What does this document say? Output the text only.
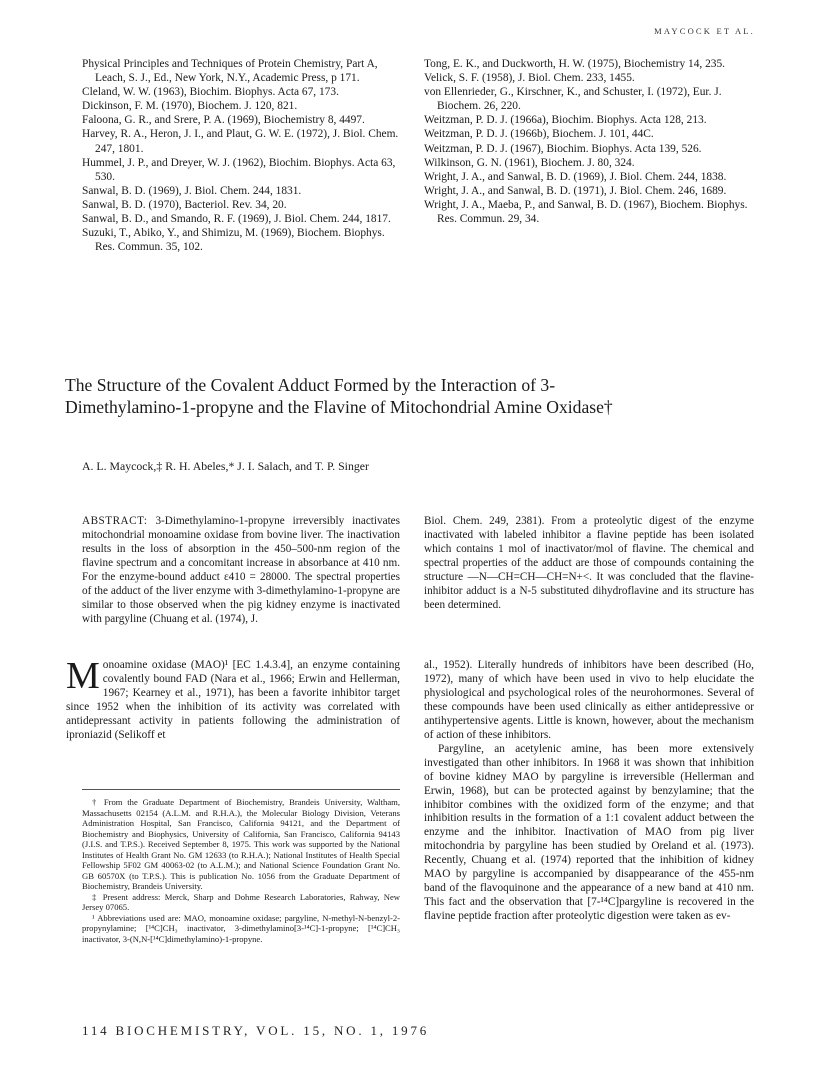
MAYCOCK ET AL.

Physical Principles and Techniques of Protein Chemistry, Part A, Leach, S. J., Ed., New York, N.Y., Academic Press, p 171.

Cleland, W. W. (1963), Biochim. Biophys. Acta 67, 173.

Dickinson, F. M. (1970), Biochem. J. 120, 821.

Faloona, G. R., and Srere, P. A. (1969), Biochemistry 8, 4497.

Harvey, R. A., Heron, J. I., and Plaut, G. W. E. (1972), J. Biol. Chem. 247, 1801.

Hummel, J. P., and Dreyer, W. J. (1962), Biochim. Biophys. Acta 63, 530.

Sanwal, B. D. (1969), J. Biol. Chem. 244, 1831.

Sanwal, B. D. (1970), Bacteriol. Rev. 34, 20.

Sanwal, B. D., and Smando, R. F. (1969), J. Biol. Chem. 244, 1817.

Suzuki, T., Abiko, Y., and Shimizu, M. (1969), Biochem. Biophys. Res. Commun. 35, 102.

Tong, E. K., and Duckworth, H. W. (1975), Biochemistry 14, 235.

Velick, S. F. (1958), J. Biol. Chem. 233, 1455.

von Ellenrieder, G., Kirschner, K., and Schuster, I. (1972), Eur. J. Biochem. 26, 220.

Weitzman, P. D. J. (1966a), Biochim. Biophys. Acta 128, 213.

Weitzman, P. D. J. (1966b), Biochem. J. 101, 44C.

Weitzman, P. D. J. (1967), Biochim. Biophys. Acta 139, 526.

Wilkinson, G. N. (1961), Biochem. J. 80, 324.

Wright, J. A., and Sanwal, B. D. (1969), J. Biol. Chem. 244, 1838.

Wright, J. A., and Sanwal, B. D. (1971), J. Biol. Chem. 246, 1689.

Wright, J. A., Maeba, P., and Sanwal, B. D. (1967), Biochem. Biophys. Res. Commun. 29, 34.

The Structure of the Covalent Adduct Formed by the Interaction of 3-Dimethylamino-1-propyne and the Flavine of Mitochondrial Amine Oxidase†

A. L. Maycock,‡ R. H. Abeles,* J. I. Salach, and T. P. Singer

ABSTRACT: 3-Dimethylamino-1-propyne irreversibly inactivates mitochondrial monoamine oxidase from bovine liver. The inactivation results in the loss of absorption in the 450–500-nm region of the flavine spectrum and a concomitant increase in absorbance at 410 nm. For the enzyme-bound adduct ε410 = 28000. The spectral properties of the adduct of the liver enzyme with 3-dimethylamino-1-propyne are similar to those observed when the pig kidney enzyme is inactivated with pargyline (Chuang et al. (1974), J.

Biol. Chem. 249, 2381). From a proteolytic digest of the enzyme inactivated with labeled inhibitor a flavine peptide has been isolated which contains 1 mol of inactivator/mol of flavine. The chemical and spectral properties of the adduct are those of compounds containing the structure —N—CH=CH—CH=N+<. It was concluded that the flavine-inhibitor adduct is a N-5 substituted dihydroflavine and its structure has been determined.

Monoamine oxidase (MAO)¹ [EC 1.4.3.4], an enzyme containing covalently bound FAD (Nara et al., 1966; Erwin and Hellerman, 1967; Kearney et al., 1971), has been a favorite inhibitor target since 1952 when the inhibition of its activity was correlated with antidepressant activity in patients following the administration of iproniazid (Selikoff et

al., 1952). Literally hundreds of inhibitors have been described (Ho, 1972), many of which have been used in vivo to help elucidate the physiological and psychological roles of the neurohormones. Several of these compounds have been used clinically as either antidepressive or antihypertensive agents. Little is known, however, about the mechanism of action of these inhibitors.

Pargyline, an acetylenic amine, has been more extensively investigated than other inhibitors. In 1968 it was shown that inhibition of bovine kidney MAO by pargyline is irreversible (Hellerman and Erwin, 1968), but can be protected against by benzylamine; that the inhibitor combines with the oxidized form of the enzyme; and that inhibition results in the formation of a 1:1 covalent adduct between the enzyme and the inhibitor. Inactivation of MAO from pig liver mitochondria by pargyline has been studied by Oreland et al. (1973). Recently, Chuang et al. (1974) reported that the inhibition of kidney MAO by pargyline is accompanied by disappearance of the 455-nm band of the flavoquinone and the appearance of a new band at 410 nm. This fact and the observation that [7-¹⁴C]pargyline is recovered in the flavine peptide fraction after proteolytic digestion were taken as ev-

† From the Graduate Department of Biochemistry, Brandeis University, Waltham, Massachusetts 02154 (A.L.M. and R.H.A.), the Molecular Biology Division, Veterans Administration Hospital, San Francisco, California 94121, and the Department of Biochemistry and Biophysics, University of California, San Francisco, California 94143 (J.I.S. and T.P.S.). Received September 8, 1975. This work was supported by the National Institutes of Health Grant No. GM 12633 (to R.H.A.); National Institutes of Health Special Fellowship 5F02 GM 40063-02 (to A.L.M.); and National Science Foundation Grant No. GB 60570X (to T.P.S.). This is publication No. 1056 from the Graduate Department of Biochemistry, Brandeis University.

‡ Present address: Merck, Sharp and Dohme Research Laboratories, Rahway, New Jersey 07065.

¹ Abbreviations used are: MAO, monoamine oxidase; pargyline, N-methyl-N-benzyl-2-propynylamine; [¹⁴C]CH₃ inactivator, 3-dimethylamino[3-¹⁴C]-1-propyne; [¹⁴C]CH₃ inactivator, 3-(N,N-[¹⁴C]dimethylamino)-1-propyne.

114 BIOCHEMISTRY, VOL. 15, NO. 1, 1976
